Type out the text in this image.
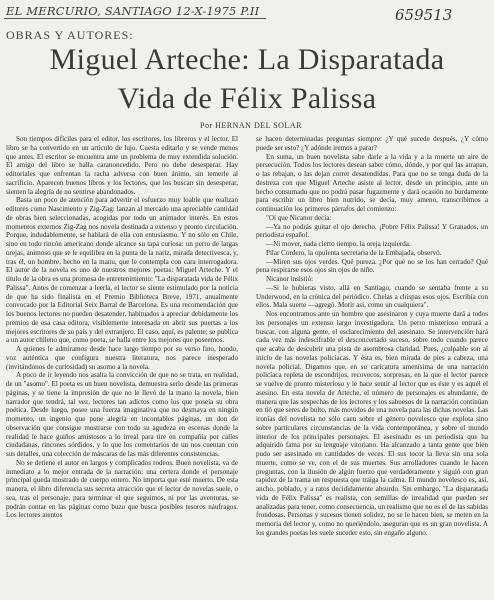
EL MERCURIO, SANTIAGO 12-X-1975 P.II	659513
OBRAS Y AUTORES:
Miguel Arteche: La Disparatada
Vida de Félix Palissa
Por HERNAN DEL SOLAR

Son tiempos difíciles para el editor, los escritores, los libreros y el lector. El libro se ha convertido en un artículo de lujo. Cuesta editarlo y se vende menos que antes. El escritor se encuentra ante un problema de muy extendida solución. El amigo del libro se halla caranoncedido. Pero no debe desesperar. Hay editoriales que enfrentan la racha adversa con buen ánimo, sin temerle al sacrificio. Aparecen buenos libros y los lectores, que los buscan sin desesperar, sienten la alegría de no sentirse abandonados.

Basta un poco de atención para advertir el esfuerzo muy loable que realizan editores como Nascimento y Zig-Zag: lanzan al mercado una apreciable cantidad de obras bien seleccionadas, acogidas por todo un animador interés. En estos momentos externos Zig-Zag nos novela destinada a extenso y pronto circulación. Porque, indudablemente, se hablará de ella con entusiasmo. Y no sólo en Chile, sino en todo rincón americano donde alcance su tapa curiosa: un perro de largas orejas, animoso que se le equilibra en la punta de la nariz, mirada detectivesca, y, tras él, un hombre, hecho en la manu, que le contempla con cara interrogadora. El autor de la novela es uno de nuestros mejores poetas: Miguel Arteche. Y el título de la obra es una promesa de entretenimiento: "La disparatada vida de Félix Palissa". Antes de comenzar a leerla, el lector se siente estimulado por la noticia de que ha sido finalista en el Premio Biblioteca Breve, 1971, anualmente convocado por la Editorial Seix Barral de Barcelona. Es una recomendación que los buenos lectores no pueden desatender, habituados a apreciar debidamente los premios de esa casa editora, visiblemente interesada en abrir sus puertas a los mejores escritores de su país y del extranjero. El caso, aquí, es palente; se publica a un autor chileno que, como poeta, se halla entre los mejores que poseemos.

A quienes le admiramos desde hace largo tiempo por su verso fino, hondo, voz auténtica que configura nuestra literatura, nos parece inesperado (invitándonos de curiosidad) su asomo a la novela.

A poco de ir leyendo nos asalta la convicción de que no se trata, en realidad, de un "asomo". El poeta es un buen novelista, demuestra serlo desde las primeras páginas, y se tiene la impresión de que no le llevó de la mano la novela, bien narrador que tendrá, tal vez, lectores tan adictos como los que poseía su obra poética. Desde luego, posee una fuerza imaginativa que no desmaya en ningún momento, un ingenio que pone alegría en incontables páginas, un don de observación que consigue mostrarse con todo su agudeza en escenas donde la realidad le hace guiños amistosos a lo irreal para tire en compañía por calles ciudadanas, rincones sórdidos, y lo que los comentarios de un nos cuentan con sus detalles, una colección de máscaras de las más diferentes consistencias.

No se detiene el autor en largos y complicados rodeos. Buen novelista, va de inmediato a lo mejor entrada de la narración: una certera donde el personaje principal queda mostrado de cuerpo entero. No importa que esté muerto. De esta manera, el libro diferencia sus secreta atracción que el lector de novelas suele, o sea, tras el personaje, para terminar el que seguimos, ni por las aventuras, se podrán contar en las páginas como buzo que busca posibles tesoros náufragos. Los lectores atentos

se hacen determinadas preguntas siempre: ¿Y qué sucede después, ¿Y cómo puede ser esto? ¿Y adónde iremos a parar?

En suma, un buen novelista sabe darle a la vida y a la muerte un aire de persecución. Todos los lectores desean saber cómo, dónde, y por qué las atrapan, o las rebajan, o las dejan correr desatendidas. Para que no se tenga duda de la destreza con que Miguel Arteche asiste al lector, desde un principio, ante un hecho consumado que no podrá pasar fugazmente y dará ocasión no burdamente para escribir un libro bien nutrido, se decía, muy ameno, transcribimos a continuación los primeros párrafos del comienzo:

"Oí que Nicanor decía:

—Ya no podrás guitar el ojo derecho. ¡Pobre Félix Palissa! Y Granados, un periodista español.

—Ni mover, nada cierto tiempo, la oreja izquierda.

Pilar Cordero, la opulenta secretaria de la Embajada, observó.

—Miren sus ojos verdes. Qué pureza. ¿Por qué no se los han cerrado? Qué pena respirarse esos ojos sin ojos de niño.

Nicanor insistió:

—Si le hubieras visto, allá en Santiago, cuando se sentaba frente a su Underwood, en la crónica del periódico. Chelas a chispas esos ojos. Escribía con ellos. Mala suerte —agregó. Morir así, como un cualquiera".

Nos encontramos ante un hombre que asesinaron y cuya muerte dará a todos los personajes un extenso largo investigadora. Un perro misterioso entrará a buscar, con alguna gente, el esclarecimiento del asesinato. Se intervención hará cada vez más indescifrable el desconcertado suceso, sobre todo cuando parece que acaba de descubrir una pista de asombrosa claridad. Pues, ¿culpable son al inicio de las novelas policíacas. Y ésta es, bien mirada de pies a cabeza, una novela policial. Digamos que, en su caricatura amenísima de una narración policíaca repleta de escondrijos, recovecos, sorpresas, en la que el lector parece se vuelve de pronto misterioso y le hace sentir al lector que es éste y es aquél el asesino. En esta novela de Arteche, el número de personajes es abundante, de manera que las sospechas de los lectores y los sabuesos de la narración continúan en tíó que seres de bulto, más movidos de una novela para las dichas novelas. Las ironías del novelista no sólo caen sobre el género novelesco que explota sino sobre particulares circunstancias de la vida contemporánea, y sobre el mundo interior de los principales personajes. El asesinado es un periodista que ha adquirido fama por su lenguaje vitoriano. Ha alcanzado a tanta gente que bien pudo ser asesinado en cantidades de veces. El sus tocor la lleva sin una sola muerte, como se ve, con el de sus muertes. Sus arrolladores cuando le hacen preguntas, con la ilusión de algún fuerzo que verdaderamente y siguió con gran rapidez de la trama un respuesta que traiga la calma. El mundo novelesco es, así, ancho, poblado, y a ratos decididamente absurdo. Sin embargo, "La disparatada vida de Félix Palissa" es realista, con semillas de irrealidad que pueden ser analizadas para tener, como consecuencia, un realismo que no es el de las sabidas frondosas. Personas y sucesos tienen solidez, no se le hacen bien, se meten en la memoria del lector y, como no queriéndolo, aseguran que es un gran novelista. A los grandes poetas les suele suceder esto, sin engaño alguno.
